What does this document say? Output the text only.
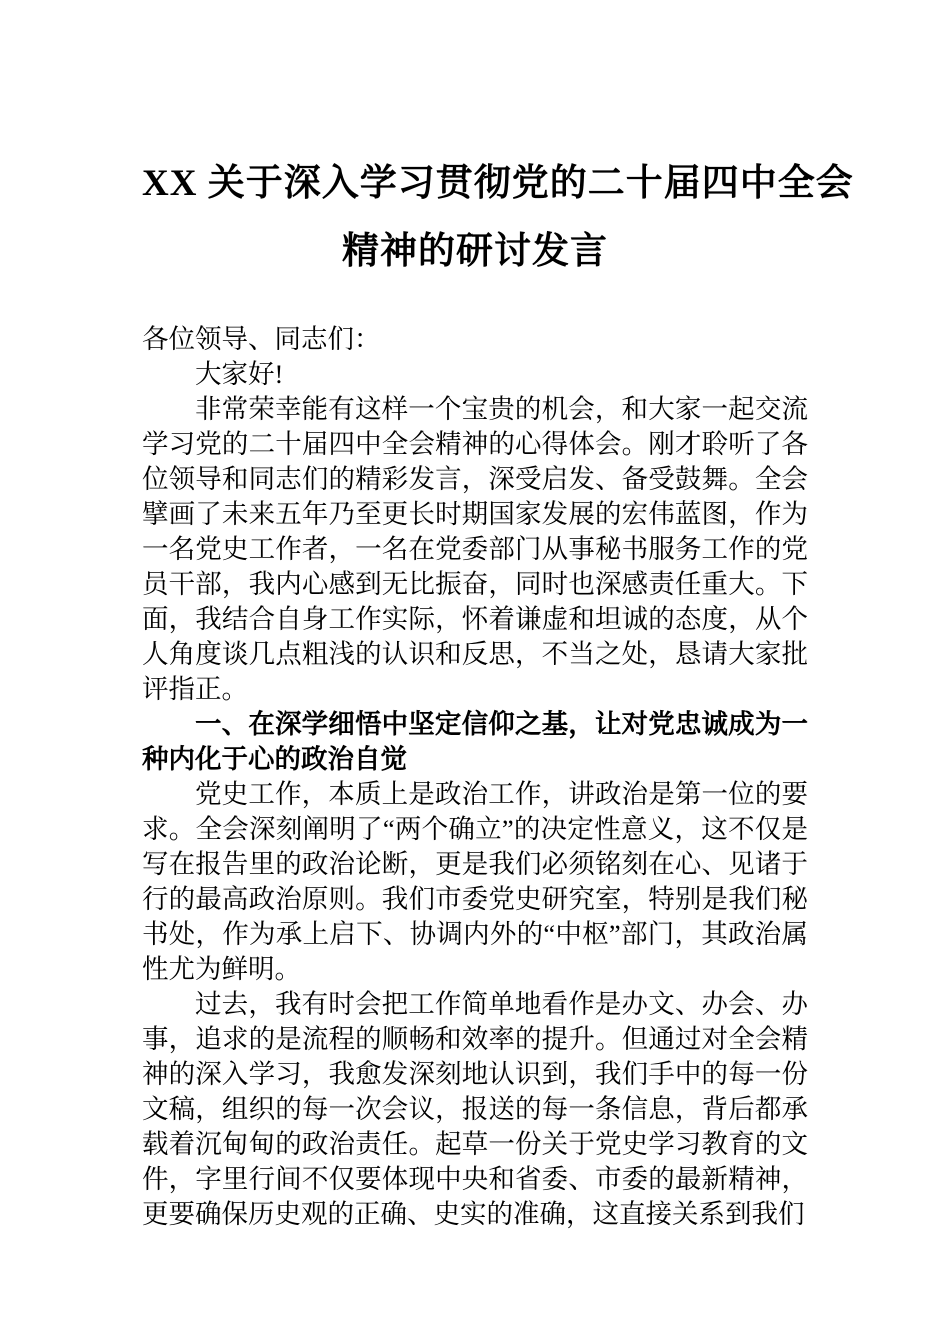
XX 关于深入学习贯彻党的二十届四中全会
精神的研讨发言

各位领导、同志们：

大家好!

非常荣幸能有这样一个宝贵的机会，和大家一起交流学习党的二十届四中全会精神的心得体会。刚才聆听了各位领导和同志们的精彩发言，深受启发、备受鼓舞。全会擘画了未来五年乃至更长时期国家发展的宏伟蓝图，作为一名党史工作者，一名在党委部门从事秘书服务工作的党员干部，我内心感到无比振奋，同时也深感责任重大。下面，我结合自身工作实际，怀着谦虚和坦诚的态度，从个人角度谈几点粗浅的认识和反思，不当之处，恳请大家批评指正。

一、在深学细悟中坚定信仰之基，让对党忠诚成为一种内化于心的政治自觉

党史工作，本质上是政治工作，讲政治是第一位的要求。全会深刻阐明了“两个确立”的决定性意义，这不仅是写在报告里的政治论断，更是我们必须铭刻在心、见诸于行的最高政治原则。我们市委党史研究室，特别是我们秘书处，作为承上启下、协调内外的“中枢”部门，其政治属性尤为鲜明。

过去，我有时会把工作简单地看作是办文、办会、办事，追求的是流程的顺畅和效率的提升。但通过对全会精神的深入学习，我愈发深刻地认识到，我们手中的每一份文稿，组织的每一次会议，报送的每一条信息，背后都承载着沉甸甸的政治责任。起草一份关于党史学习教育的文件，字里行间不仅要体现中央和省委、市委的最新精神，更要确保历史观的正确、史实的准确，这直接关系到我们
